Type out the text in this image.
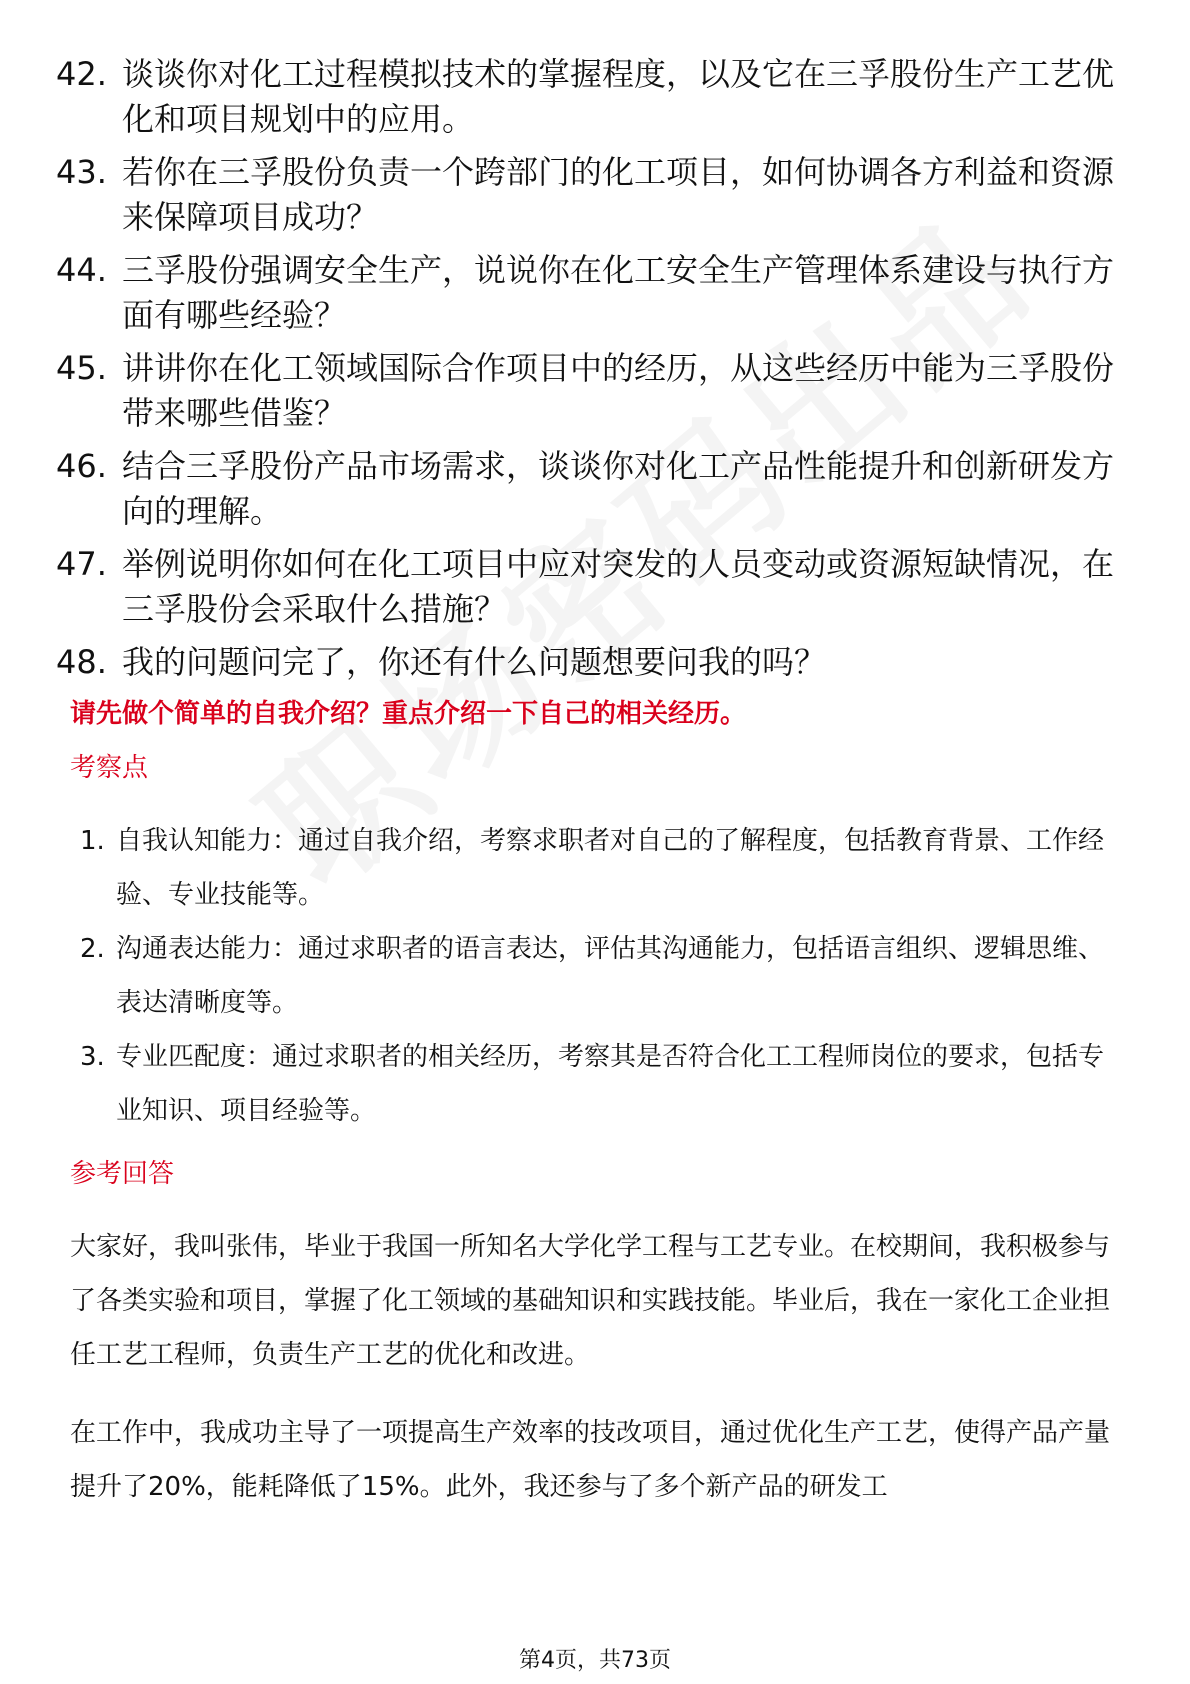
42. 谈谈你对化工过程模拟技术的掌握程度，以及它在三孚股份生产工艺优化和项目规划中的应用。
43. 若你在三孚股份负责一个跨部门的化工项目，如何协调各方利益和资源来保障项目成功？
44. 三孚股份强调安全生产，说说你在化工安全生产管理体系建设与执行方面有哪些经验？
45. 讲讲你在化工领域国际合作项目中的经历，从这些经历中能为三孚股份带来哪些借鉴？
46. 结合三孚股份产品市场需求，谈谈你对化工产品性能提升和创新研发方向的理解。
47. 举例说明你如何在化工项目中应对突发的人员变动或资源短缺情况，在三孚股份会采取什么措施？
48. 我的问题问完了，你还有什么问题想要问我的吗？
请先做个简单的自我介绍？重点介绍一下自己的相关经历。
考察点
1. 自我认知能力：通过自我介绍，考察求职者对自己的了解程度，包括教育背景、工作经验、专业技能等。
2. 沟通表达能力：通过求职者的语言表达，评估其沟通能力，包括语言组织、逻辑思维、表达清晰度等。
3. 专业匹配度：通过求职者的相关经历，考察其是否符合化工工程师岗位的要求，包括专业知识、项目经验等。
参考回答

大家好，我叫张伟，毕业于我国一所知名大学化学工程与工艺专业。在校期间，我积极参与了各类实验和项目，掌握了化工领域的基础知识和实践技能。毕业后，我在一家化工企业担任工艺工程师，负责生产工艺的优化和改进。

在工作中，我成功主导了一项提高生产效率的技改项目，通过优化生产工艺，使得产品产量提升了20%，能耗降低了15%。此外，我还参与了多个新产品的研发工

第4页，共73页
